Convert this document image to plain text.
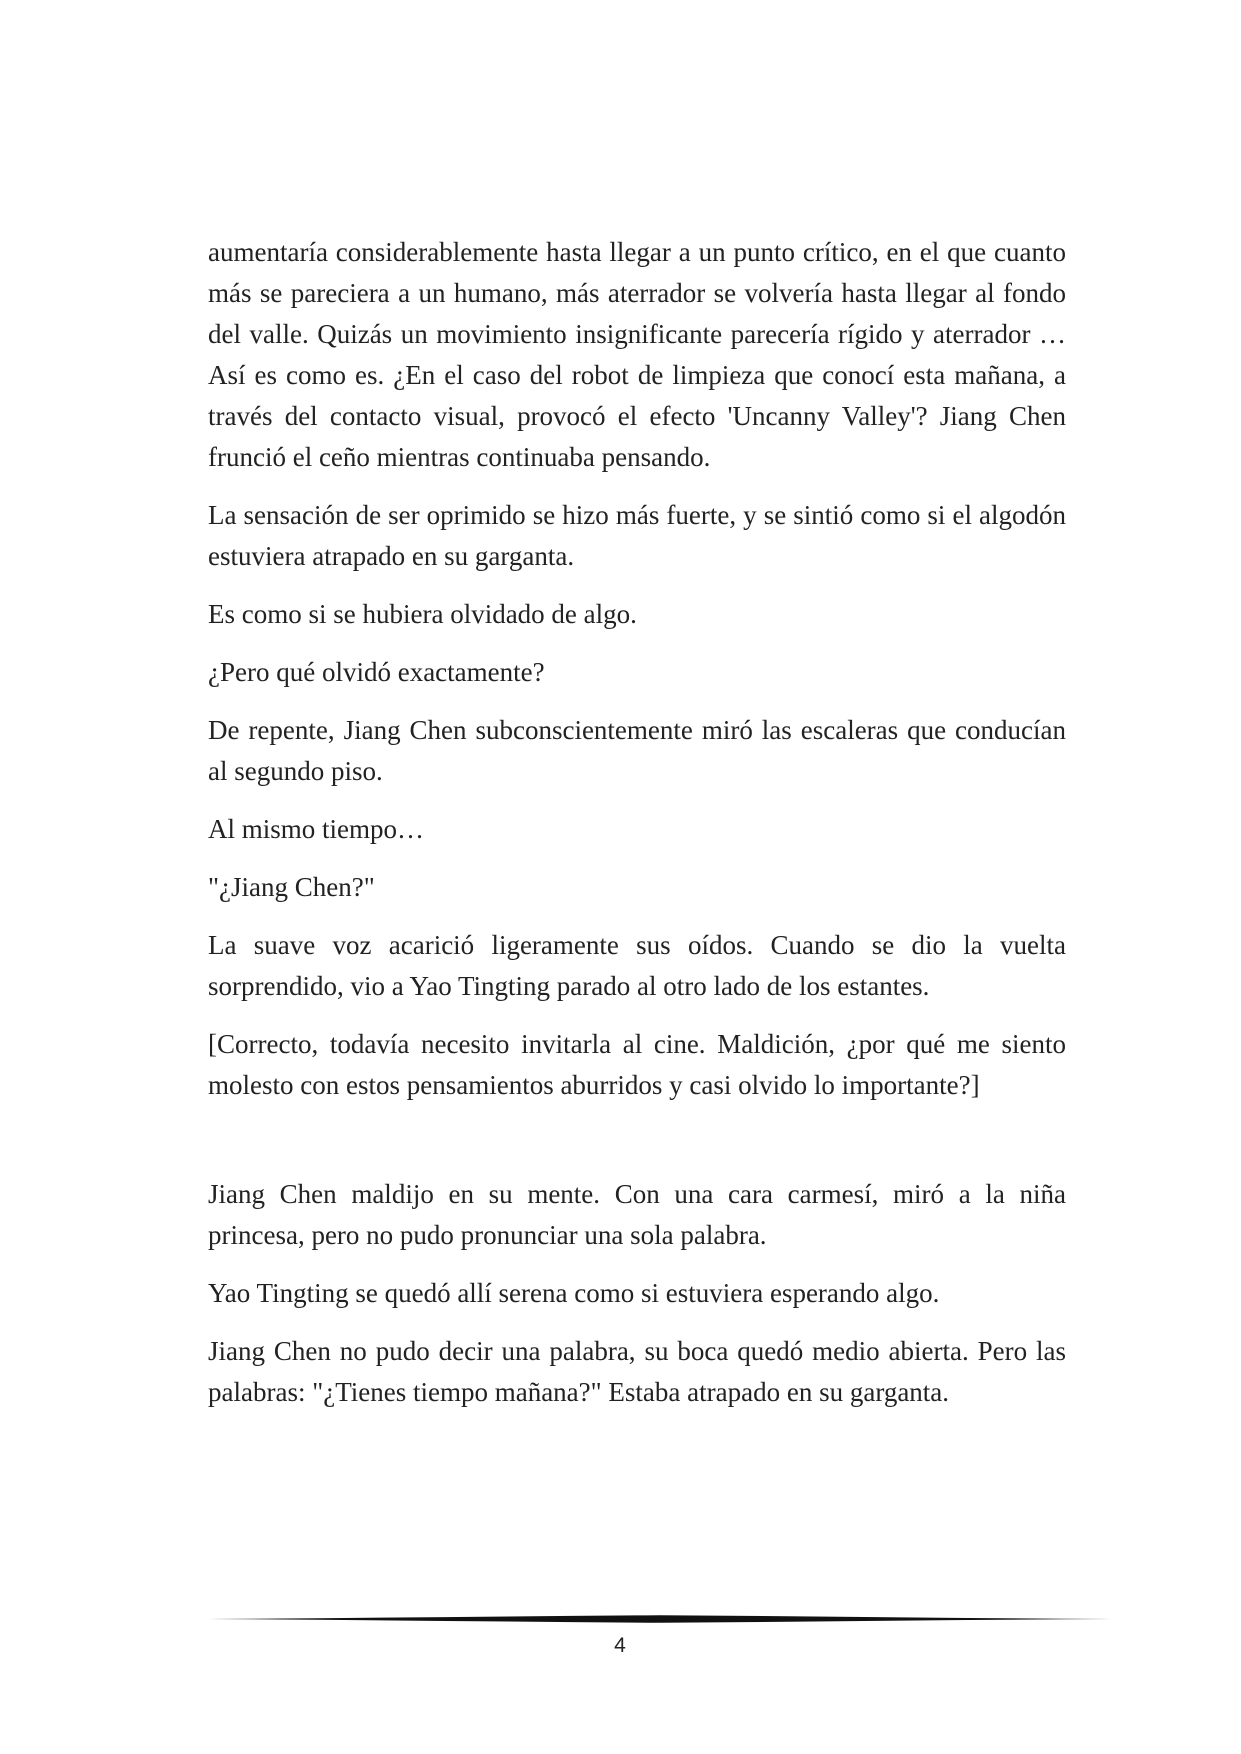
aumentaría considerablemente hasta llegar a un punto crítico, en el que cuanto más se pareciera a un humano, más aterrador se volvería hasta llegar al fondo del valle. Quizás un movimiento insignificante parecería rígido y aterrador … Así es como es. ¿En el caso del robot de limpieza que conocí esta mañana, a través del contacto visual, provocó el efecto 'Uncanny Valley'? Jiang Chen frunció el ceño mientras continuaba pensando.

La sensación de ser oprimido se hizo más fuerte, y se sintió como si el algodón estuviera atrapado en su garganta.

Es como si se hubiera olvidado de algo.

¿Pero qué olvidó exactamente?

De repente, Jiang Chen subconscientemente miró las escaleras que conducían al segundo piso.

Al mismo tiempo…

"¿Jiang Chen?"

La suave voz acarició ligeramente sus oídos. Cuando se dio la vuelta sorprendido, vio a Yao Tingting parado al otro lado de los estantes.

[Correcto, todavía necesito invitarla al cine. Maldición, ¿por qué me siento molesto con estos pensamientos aburridos y casi olvido lo importante?]

Jiang Chen maldijo en su mente. Con una cara carmesí, miró a la niña princesa, pero no pudo pronunciar una sola palabra.

Yao Tingting se quedó allí serena como si estuviera esperando algo.

Jiang Chen no pudo decir una palabra, su boca quedó medio abierta. Pero las palabras: "¿Tienes tiempo mañana?" Estaba atrapado en su garganta.

4
